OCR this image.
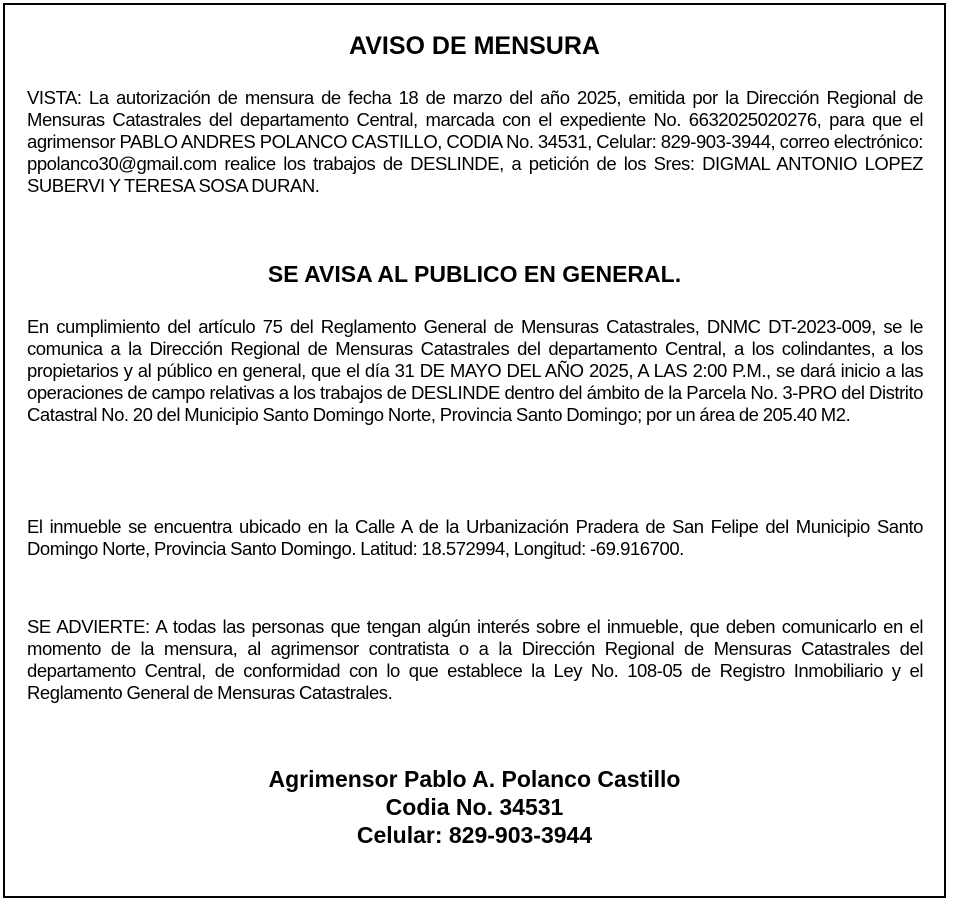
AVISO DE MENSURA

VISTA: La autorización de mensura de fecha 18 de marzo del año 2025, emitida por la Dirección Regional de Mensuras Catastrales del departamento Central, marcada con el expediente No. 6632025020276, para que el agrimensor PABLO ANDRES POLANCO CASTILLO, CODIA No. 34531, Celular: 829-903-3944, correo electrónico: ppolanco30@gmail.com realice los trabajos de DESLINDE, a petición de los Sres: DIGMAL ANTONIO LOPEZ SUBERVI Y TERESA SOSA DURAN.

SE AVISA AL PUBLICO EN GENERAL.

En cumplimiento del artículo 75 del Reglamento General de Mensuras Catastrales, DNMC DT-2023-009, se le comunica a la Dirección Regional de Mensuras Catastrales del departamento Central, a los colindantes, a los propietarios y al público en general, que el día 31 DE MAYO DEL AÑO 2025, A LAS 2:00 P.M., se dará inicio a las operaciones de campo relativas a los trabajos de DESLINDE dentro del ámbito de la Parcela No. 3-PRO del Distrito Catastral No. 20 del Municipio Santo Domingo Norte, Provincia Santo Domingo; por un área de 205.40 M2.

El inmueble se encuentra ubicado en la Calle A de la Urbanización Pradera de San Felipe del Municipio Santo Domingo Norte, Provincia Santo Domingo. Latitud: 18.572994, Longitud: -69.916700.

SE ADVIERTE: A todas las personas que tengan algún interés sobre el inmueble, que deben comunicarlo en el momento de la mensura, al agrimensor contratista o a la Dirección Regional de Mensuras Catastrales del departamento Central, de conformidad con lo que establece la Ley No. 108-05 de Registro Inmobiliario y el Reglamento General de Mensuras Catastrales.

Agrimensor Pablo A. Polanco Castillo
Codia No. 34531
Celular: 829-903-3944
